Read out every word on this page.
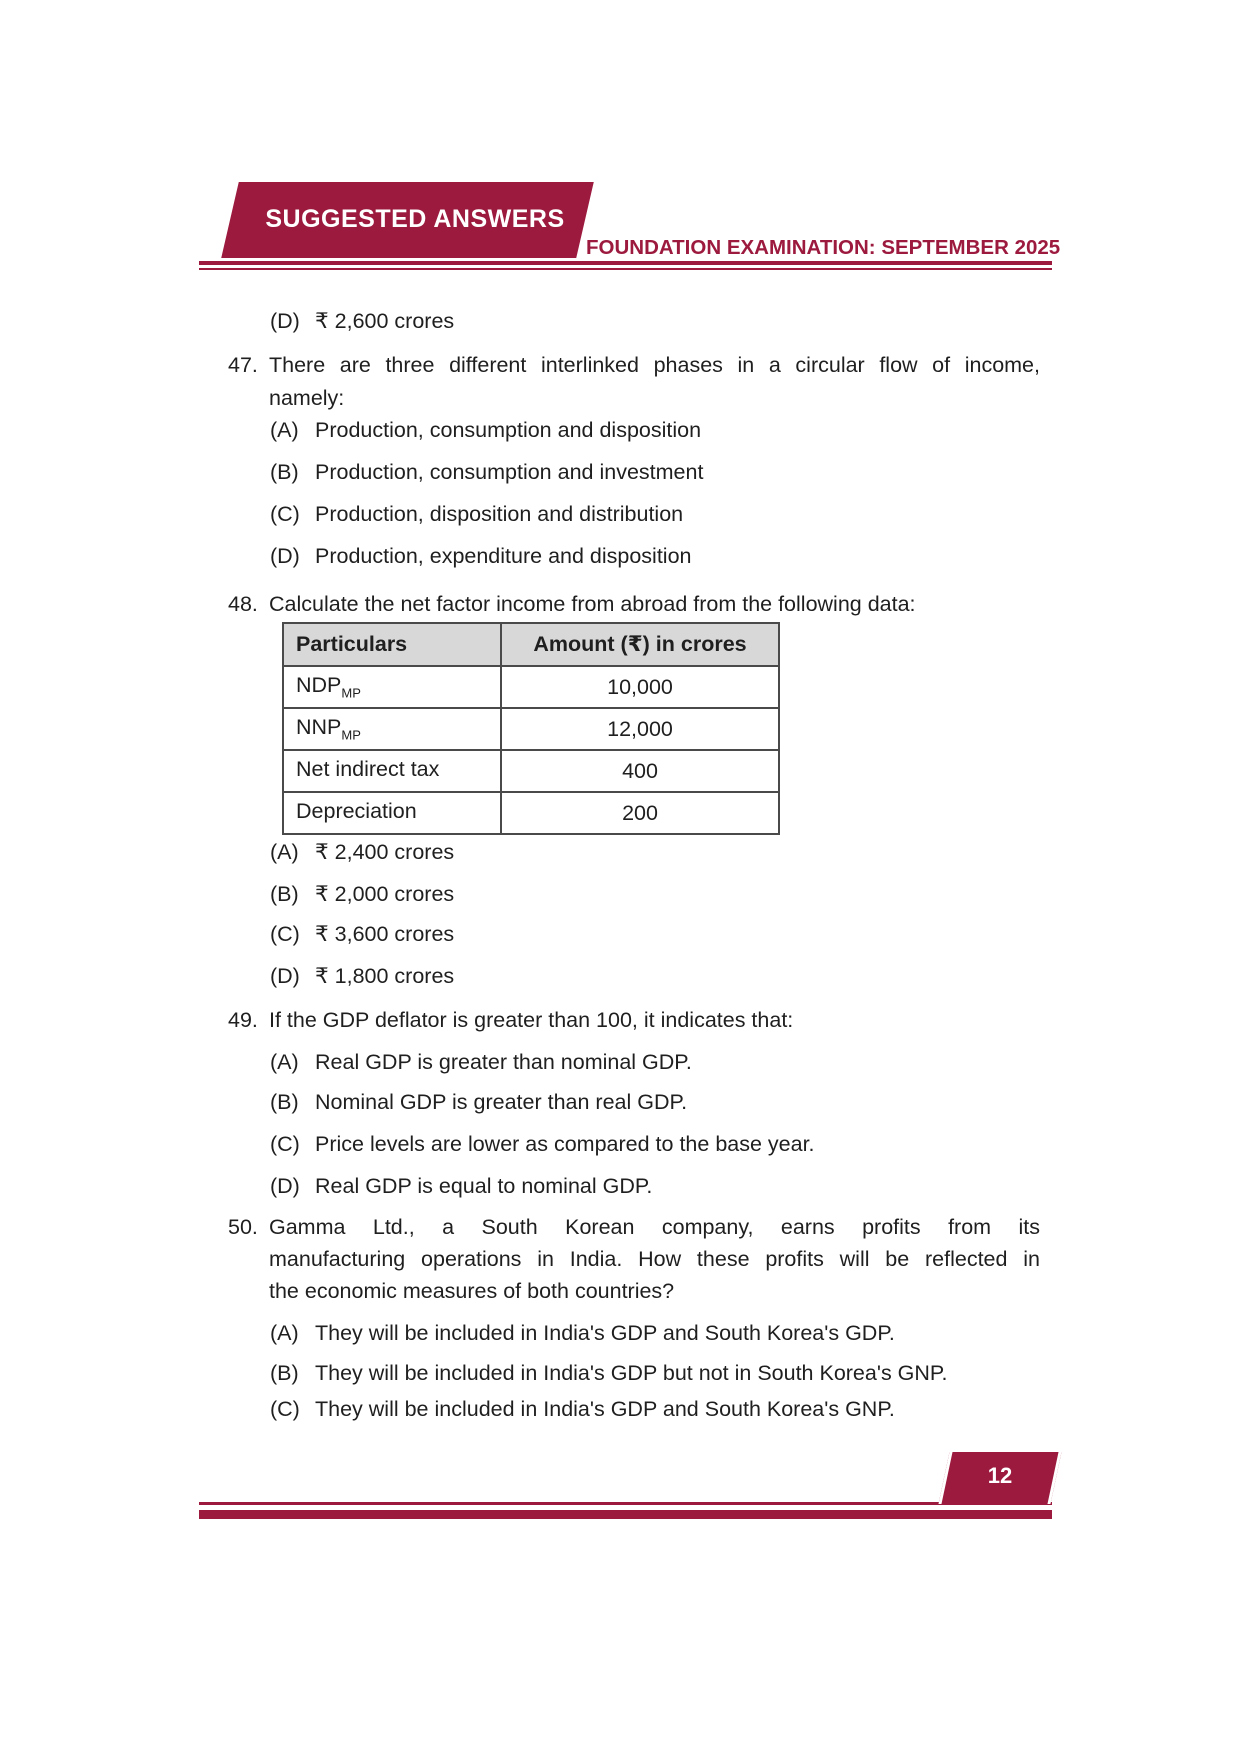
SUGGESTED ANSWERS
FOUNDATION EXAMINATION: SEPTEMBER 2025
(D) ₹ 2,600 crores
47. There are three different interlinked phases in a circular flow of income,
namely:
(A) Production, consumption and disposition
(B) Production, consumption and investment
(C) Production, disposition and distribution
(D) Production, expenditure and disposition
48. Calculate the net factor income from abroad from the following data:
Particulars	Amount (₹) in crores
$NDP_{MP}$	10,000
$NNP_{MP}$	12,000
Net indirect tax	400
Depreciation	200
(A) ₹ 2,400 crores
(B) ₹ 2,000 crores
(C) ₹ 3,600 crores
(D) ₹ 1,800 crores
49. If the GDP deflator is greater than 100, it indicates that:
(A) Real GDP is greater than nominal GDP.
(B) Nominal GDP is greater than real GDP.
(C) Price levels are lower as compared to the base year.
(D) Real GDP is equal to nominal GDP.
50. Gamma Ltd., a South Korean company, earns profits from its
manufacturing operations in India. How these profits will be reflected in
the economic measures of both countries?
(A) They will be included in India's GDP and South Korea's GDP.
(B) They will be included in India's GDP but not in South Korea's GNP.
(C) They will be included in India's GDP and South Korea's GNP.
12
